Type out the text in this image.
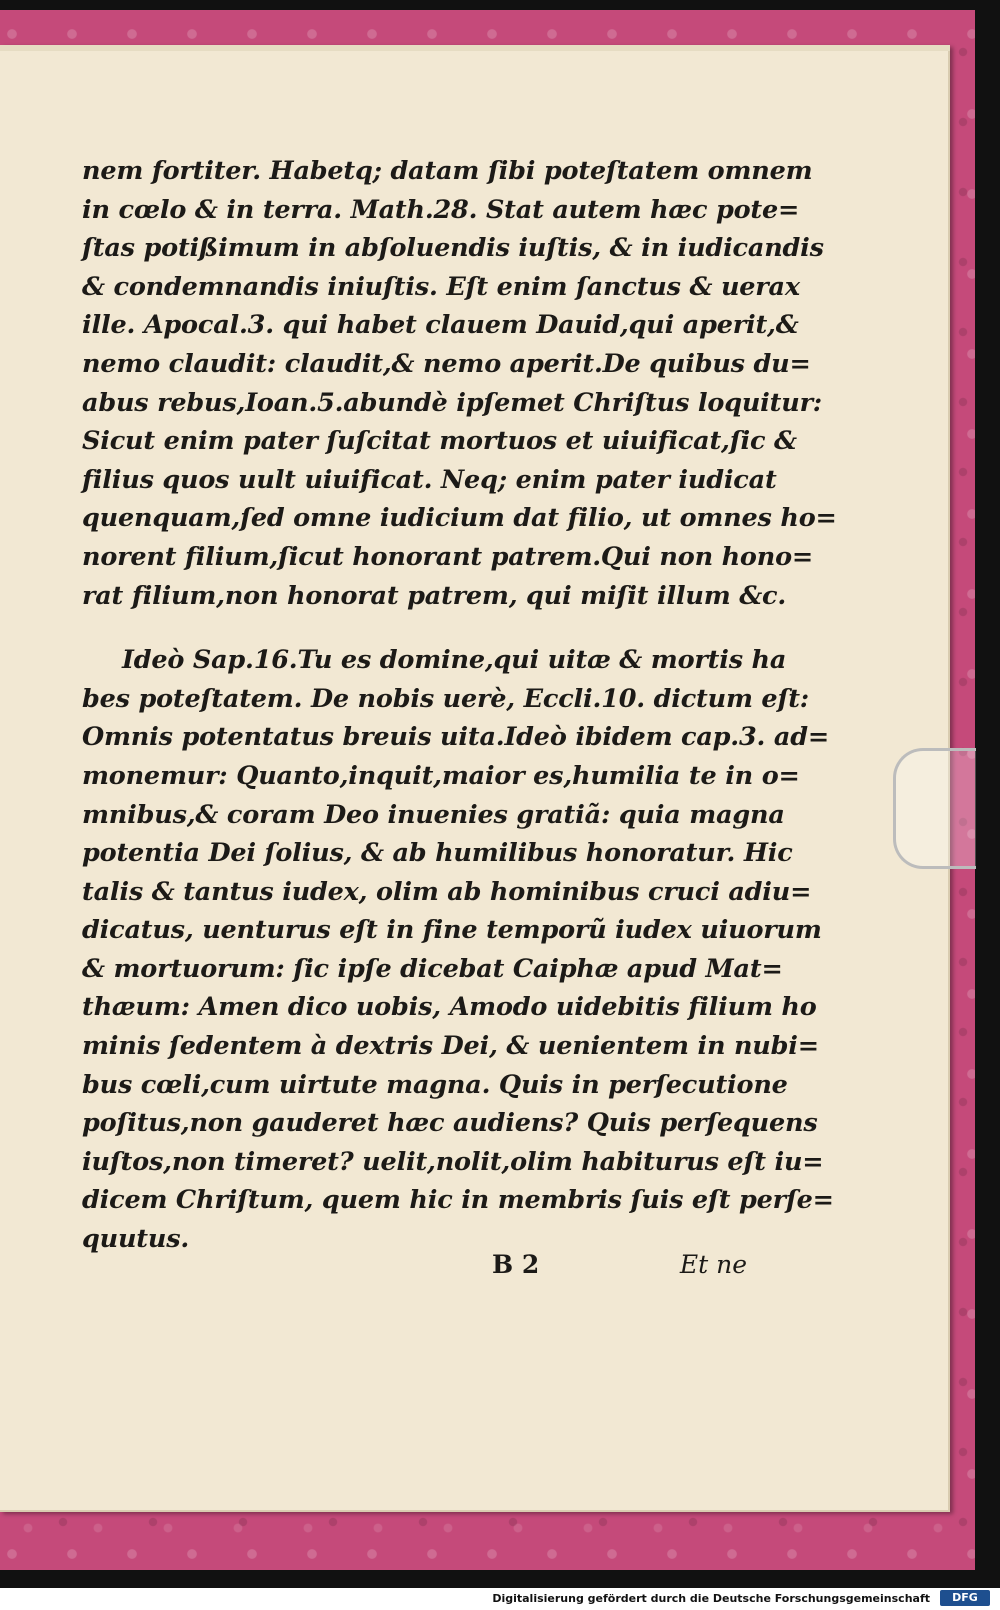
nem fortiter. Habetq; datam ſibi poteſtatem omnem
in cœlo & in terra. Math.28. Stat autem hæc pote=
ſtas potißimum in abſoluendis iuſtis, & in iudicandis
& condemnandis iniuſtis. Eſt enim ſanctus & uerax
ille. Apocal.3. qui habet clauem Dauid,qui aperit,&
nemo claudit: claudit,& nemo aperit.De quibus du=
abus rebus,Ioan.5.abundè ipſemet Chriſtus loquitur:
Sicut enim pater ſuſcitat mortuos et uiuificat,ſic &
filius quos uult uiuificat. Neq; enim pater iudicat
quenquam,ſed omne iudicium dat filio, ut omnes ho=
norent filium,ſicut honorant patrem.Qui non hono=
rat filium,non honorat patrem, qui miſit illum &c.
Ideò Sap.16.Tu es domine,qui uitæ & mortis ha
bes poteſtatem. De nobis uerè, Eccli.10. dictum eſt:
Omnis potentatus breuis uita.Ideò ibidem cap.3. ad=
monemur: Quanto,inquit,maior es,humilia te in o=
mnibus,& coram Deo inuenies gratiã: quia magna
potentia Dei ſolius, & ab humilibus honoratur. Hic
talis & tantus iudex, olim ab hominibus cruci adiu=
dicatus, uenturus eſt in fine temporũ iudex uiuorum
& mortuorum: ſic ipſe dicebat Caiphæ apud Mat=
thæum: Amen dico uobis, Amodo uidebitis filium ho
minis ſedentem à dextris Dei, & uenientem in nubi=
bus cœli,cum uirtute magna. Quis in perſecutione
poſitus,non gauderet hæc audiens? Quis perſequens
iuſtos,non timeret? uelit,nolit,olim habiturus eſt iu=
dicem Chriſtum, quem hic in membris ſuis eſt perſe=
quutus.
B 2	Et ne
Digitalisierung gefördert durch die Deutsche Forschungsgemeinschaft	DFG
